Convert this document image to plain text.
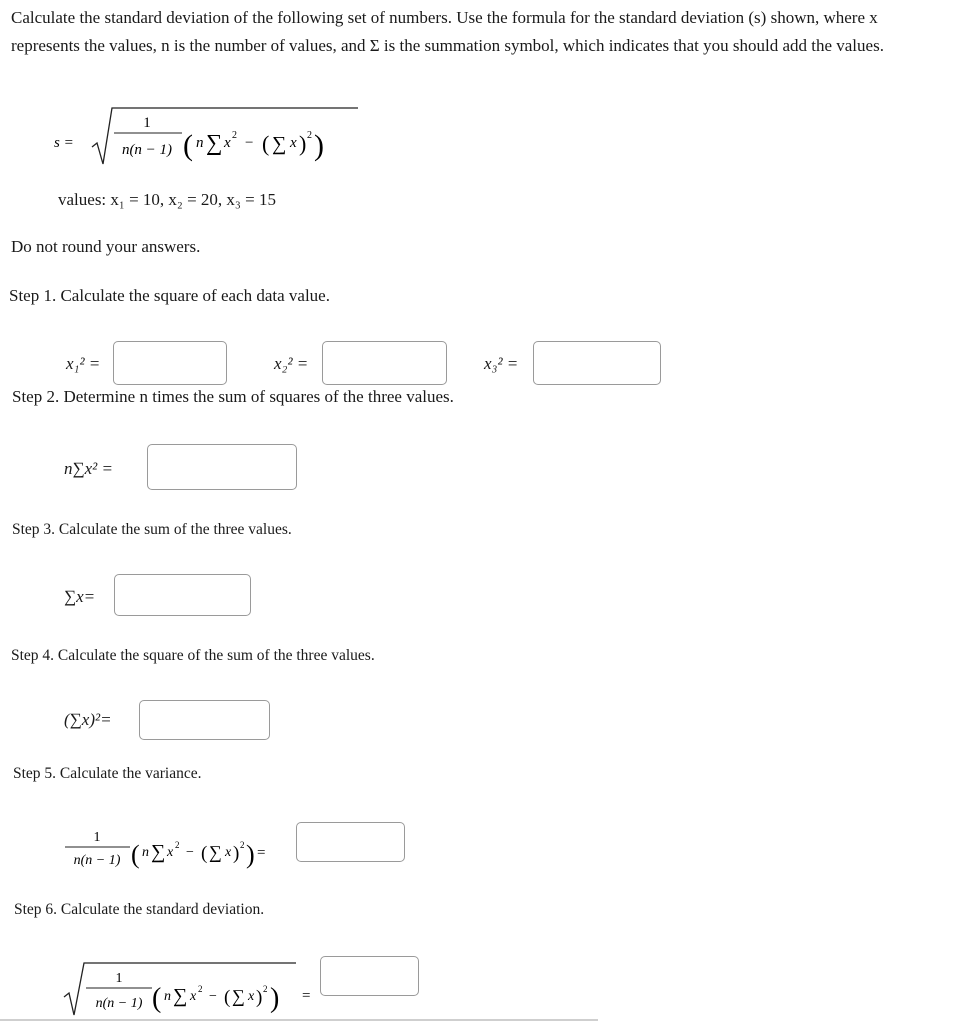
Calculate the standard deviation of the following set of numbers. Use the formula for the standard deviation (s) shown, where x represents the values, n is the number of values, and Σ is the summation symbol, which indicates that you should add the values.
s =
1
n(n − 1) ( n ∑ x 2 − ( ∑ x ) 2 )
values: x₁ = 10, x₂ = 20, x₃ = 15
Do not round your answers.
Step 1. Calculate the square of each data value.
x₁² =	x₂² =	x₃² =
Step 2. Determine n times the sum of squares of the three values.
n∑x² =
Step 3. Calculate the sum of the three values.
∑x=
Step 4. Calculate the square of the sum of the three values.
(∑x)²=
Step 5. Calculate the variance.
1
n(n − 1) ( n ∑ x 2 − ( ∑ x ) 2 ) =
Step 6. Calculate the standard deviation.
1
n(n − 1) ( n ∑ x 2 − ( ∑ x ) 2 ) =
